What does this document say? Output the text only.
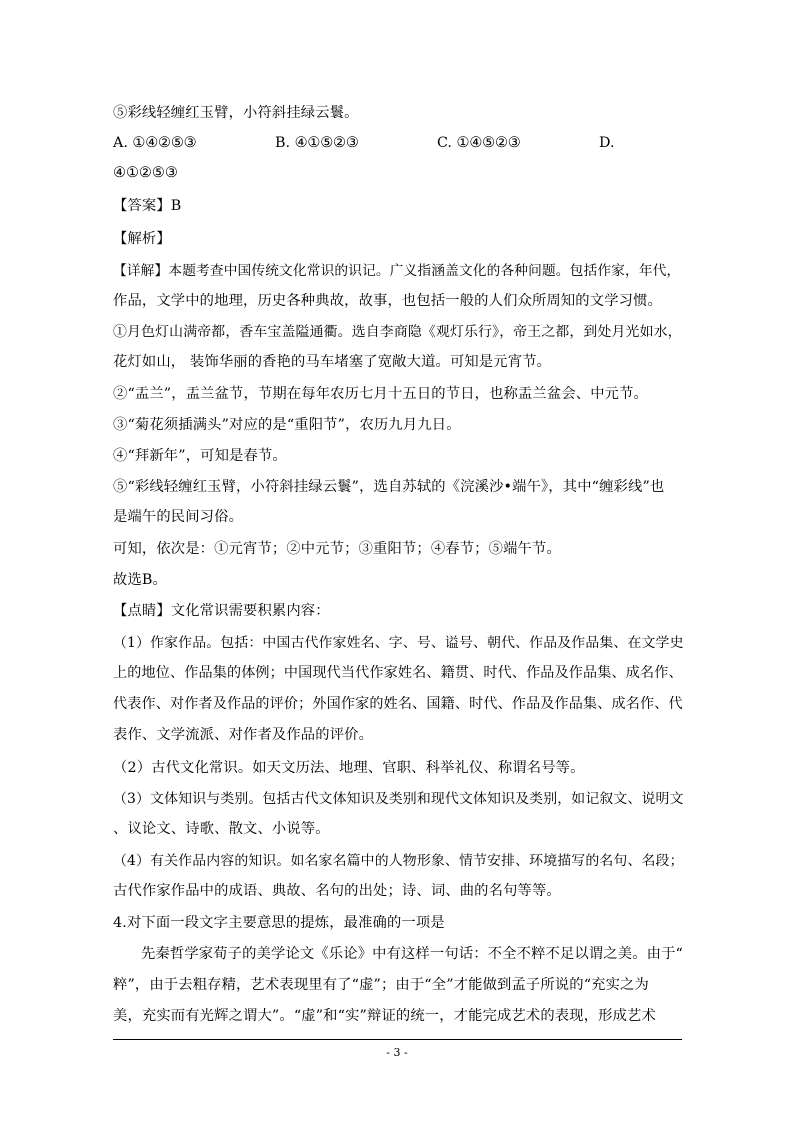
⑤彩线轻缠红玉臂，小符斜挂绿云鬟。
A. ①④②⑤③	B. ④①⑤②③	C. ①④⑤②③	D.
④①②⑤③
【答案】B
【解析】
【详解】本题考查中国传统文化常识的识记。广义指涵盖文化的各种问题。包括作家，年代，
作品，文学中的地理，历史各种典故，故事，也包括一般的人们众所周知的文学习惯。
①月色灯山满帝都，香车宝盖隘通衢。选自李商隐《观灯乐行》，帝王之都，到处月光如水，
花灯如山， 装饰华丽的香艳的马车堵塞了宽敞大道。可知是元宵节。
②“盂兰”，盂兰盆节，节期在每年农历七月十五日的节日，也称盂兰盆会、中元节。
③“菊花须插满头”对应的是“重阳节”，农历九月九日。
④“拜新年”，可知是春节。
⑤“彩线轻缠红玉臂，小符斜挂绿云鬟”，选自苏轼的《浣溪沙•端午》，其中“缠彩线”也
是端午的民间习俗。
可知，依次是：①元宵节；②中元节；③重阳节；④春节；⑤端午节。
故选B。
【点睛】文化常识需要积累内容：
（1）作家作品。包括：中国古代作家姓名、字、号、谥号、朝代、作品及作品集、在文学史
上的地位、作品集的体例；中国现代当代作家姓名、籍贯、时代、作品及作品集、成名作、
代表作、对作者及作品的评价；外国作家的姓名、国籍、时代、作品及作品集、成名作、代
表作、文学流派、对作者及作品的评价。
（2）古代文化常识。如天文历法、地理、官职、科举礼仪、称谓名号等。
（3）文体知识与类别。包括古代文体知识及类别和现代文体知识及类别，如记叙文、说明文
、议论文、诗歌、散文、小说等。
（4）有关作品内容的知识。如名家名篇中的人物形象、情节安排、环境描写的名句、名段；
古代作家作品中的成语、典故、名句的出处；诗、词、曲的名句等等。
4.对下面一段文字主要意思的提炼，最准确的一项是
先秦哲学家荀子的美学论文《乐论》中有这样一句话：不全不粹不足以谓之美。由于“
粹”，由于去粗存精，艺术表现里有了“虚”；由于“全”才能做到孟子所说的“充实之为
美，充实而有光辉之谓大”。“虚”和“实”辩证的统一，才能完成艺术的表现，形成艺术
- 3 -
